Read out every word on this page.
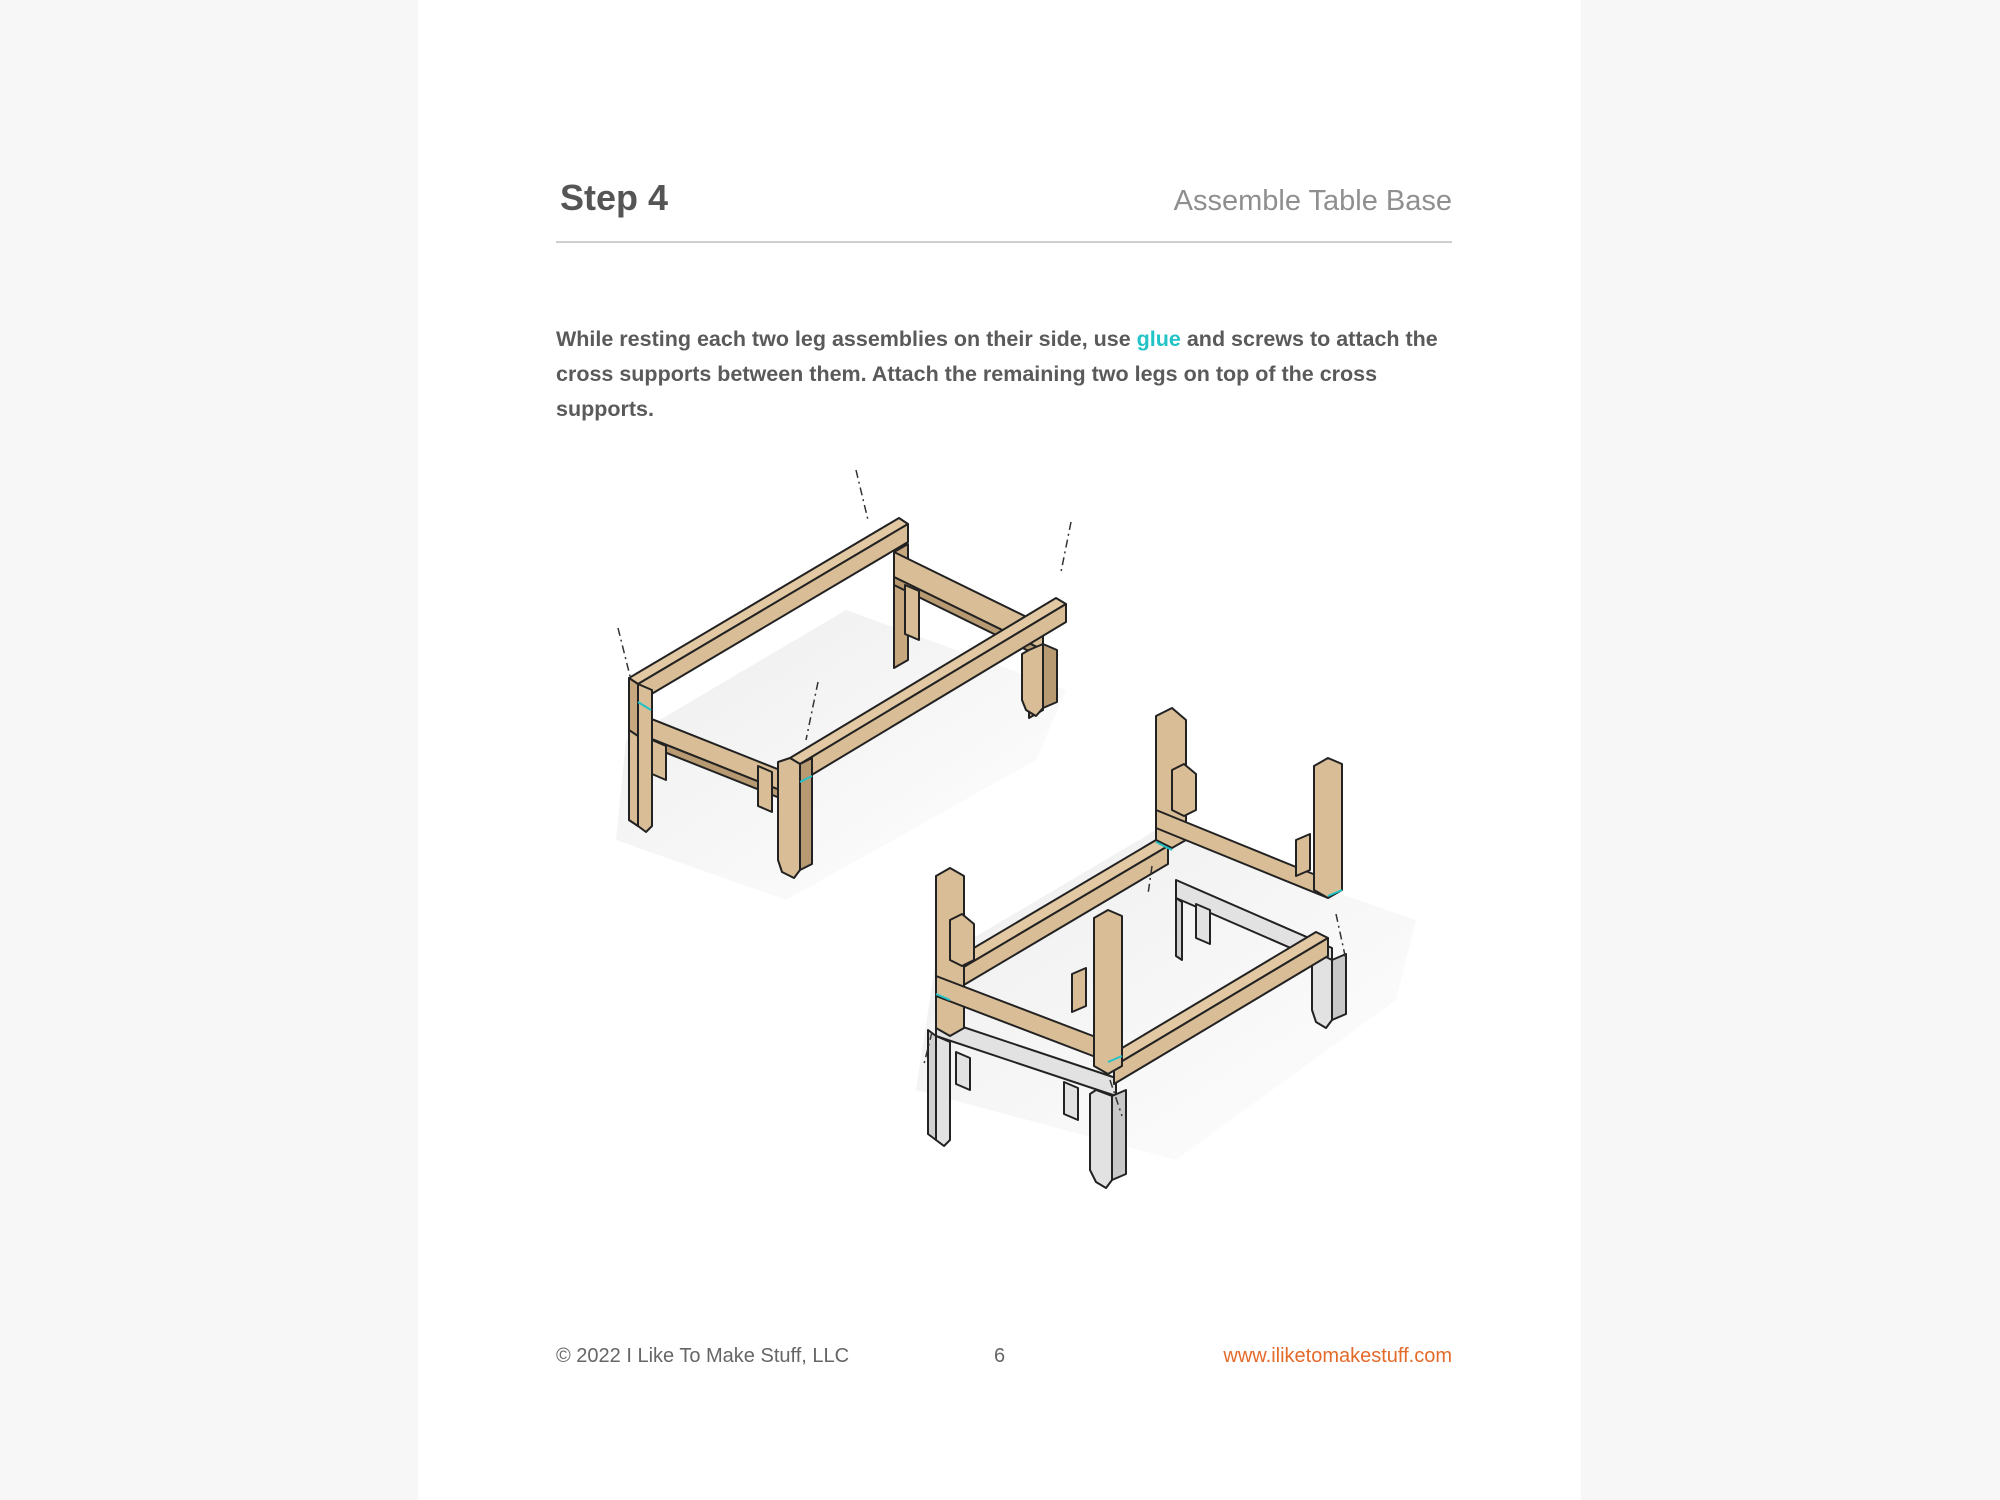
Step 4	Assemble Table Base

While resting each two leg assemblies on their side, use glue and screws to attach the cross supports between them. Attach the remaining two legs on top of the cross supports.

© 2022 I Like To Make Stuff, LLC	6	www.iliketomakestuff.com
